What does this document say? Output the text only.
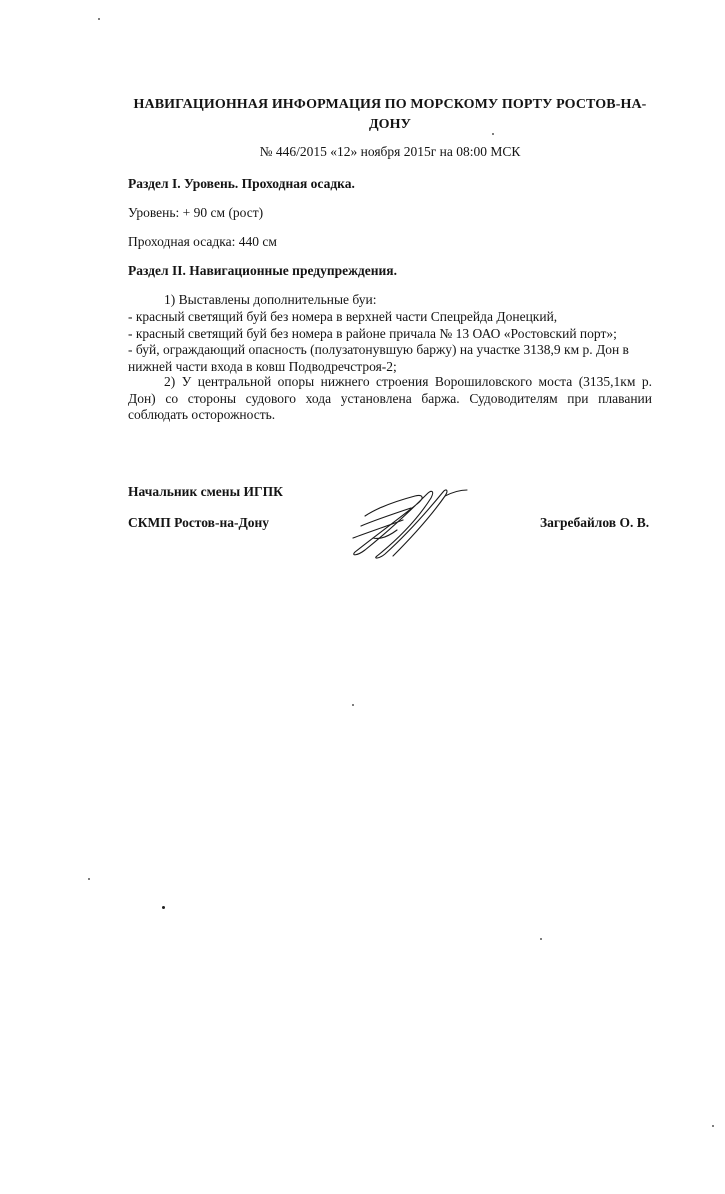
НАВИГАЦИОННАЯ ИНФОРМАЦИЯ ПО МОРСКОМУ ПОРТУ РОСТОВ-НА-ДОНУ
№ 446/2015 «12» ноября 2015г на 08:00 МСК
Раздел I. Уровень. Проходная осадка.
Уровень: + 90 см (рост)
Проходная осадка: 440 см
Раздел II. Навигационные предупреждения.
1) Выставлены дополнительные буи:
- красный светящий буй без номера в верхней части Спецрейда Донецкий,
- красный светящий буй без номера в районе причала № 13 ОАО «Ростовский порт»;
- буй, ограждающий опасность (полузатонувшую баржу) на участке 3138,9 км р. Дон в нижней части входа в ковш Подводречстроя-2;
2) У центральной опоры нижнего строения Ворошиловского моста (3135,1км р. Дон) со стороны судового хода установлена баржа. Судоводителям при плавании соблюдать осторожность.
Начальник смены ИГПК
СКМП Ростов-на-Дону	Загребайлов О. В.
